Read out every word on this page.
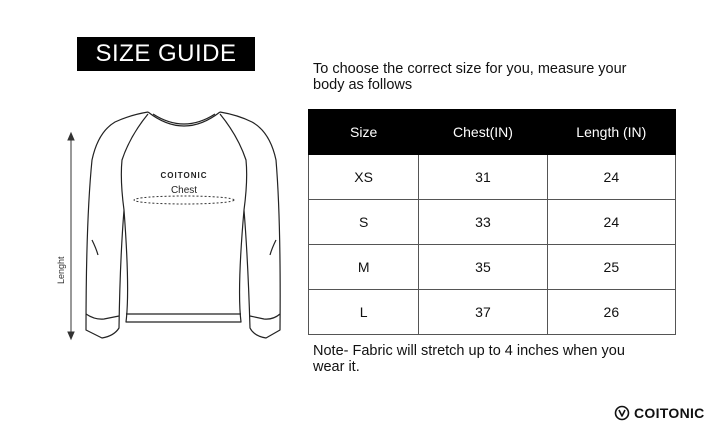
SIZE GUIDE
To choose the correct size for you, measure your body as follows
Lenght
COITONIC
Chest
Size	Chest(IN)	Length (IN)
XS	31	24
S	33	24
M	35	25
L	37	26
Note- Fabric will stretch up to 4 inches when you wear it.
COITONIC
